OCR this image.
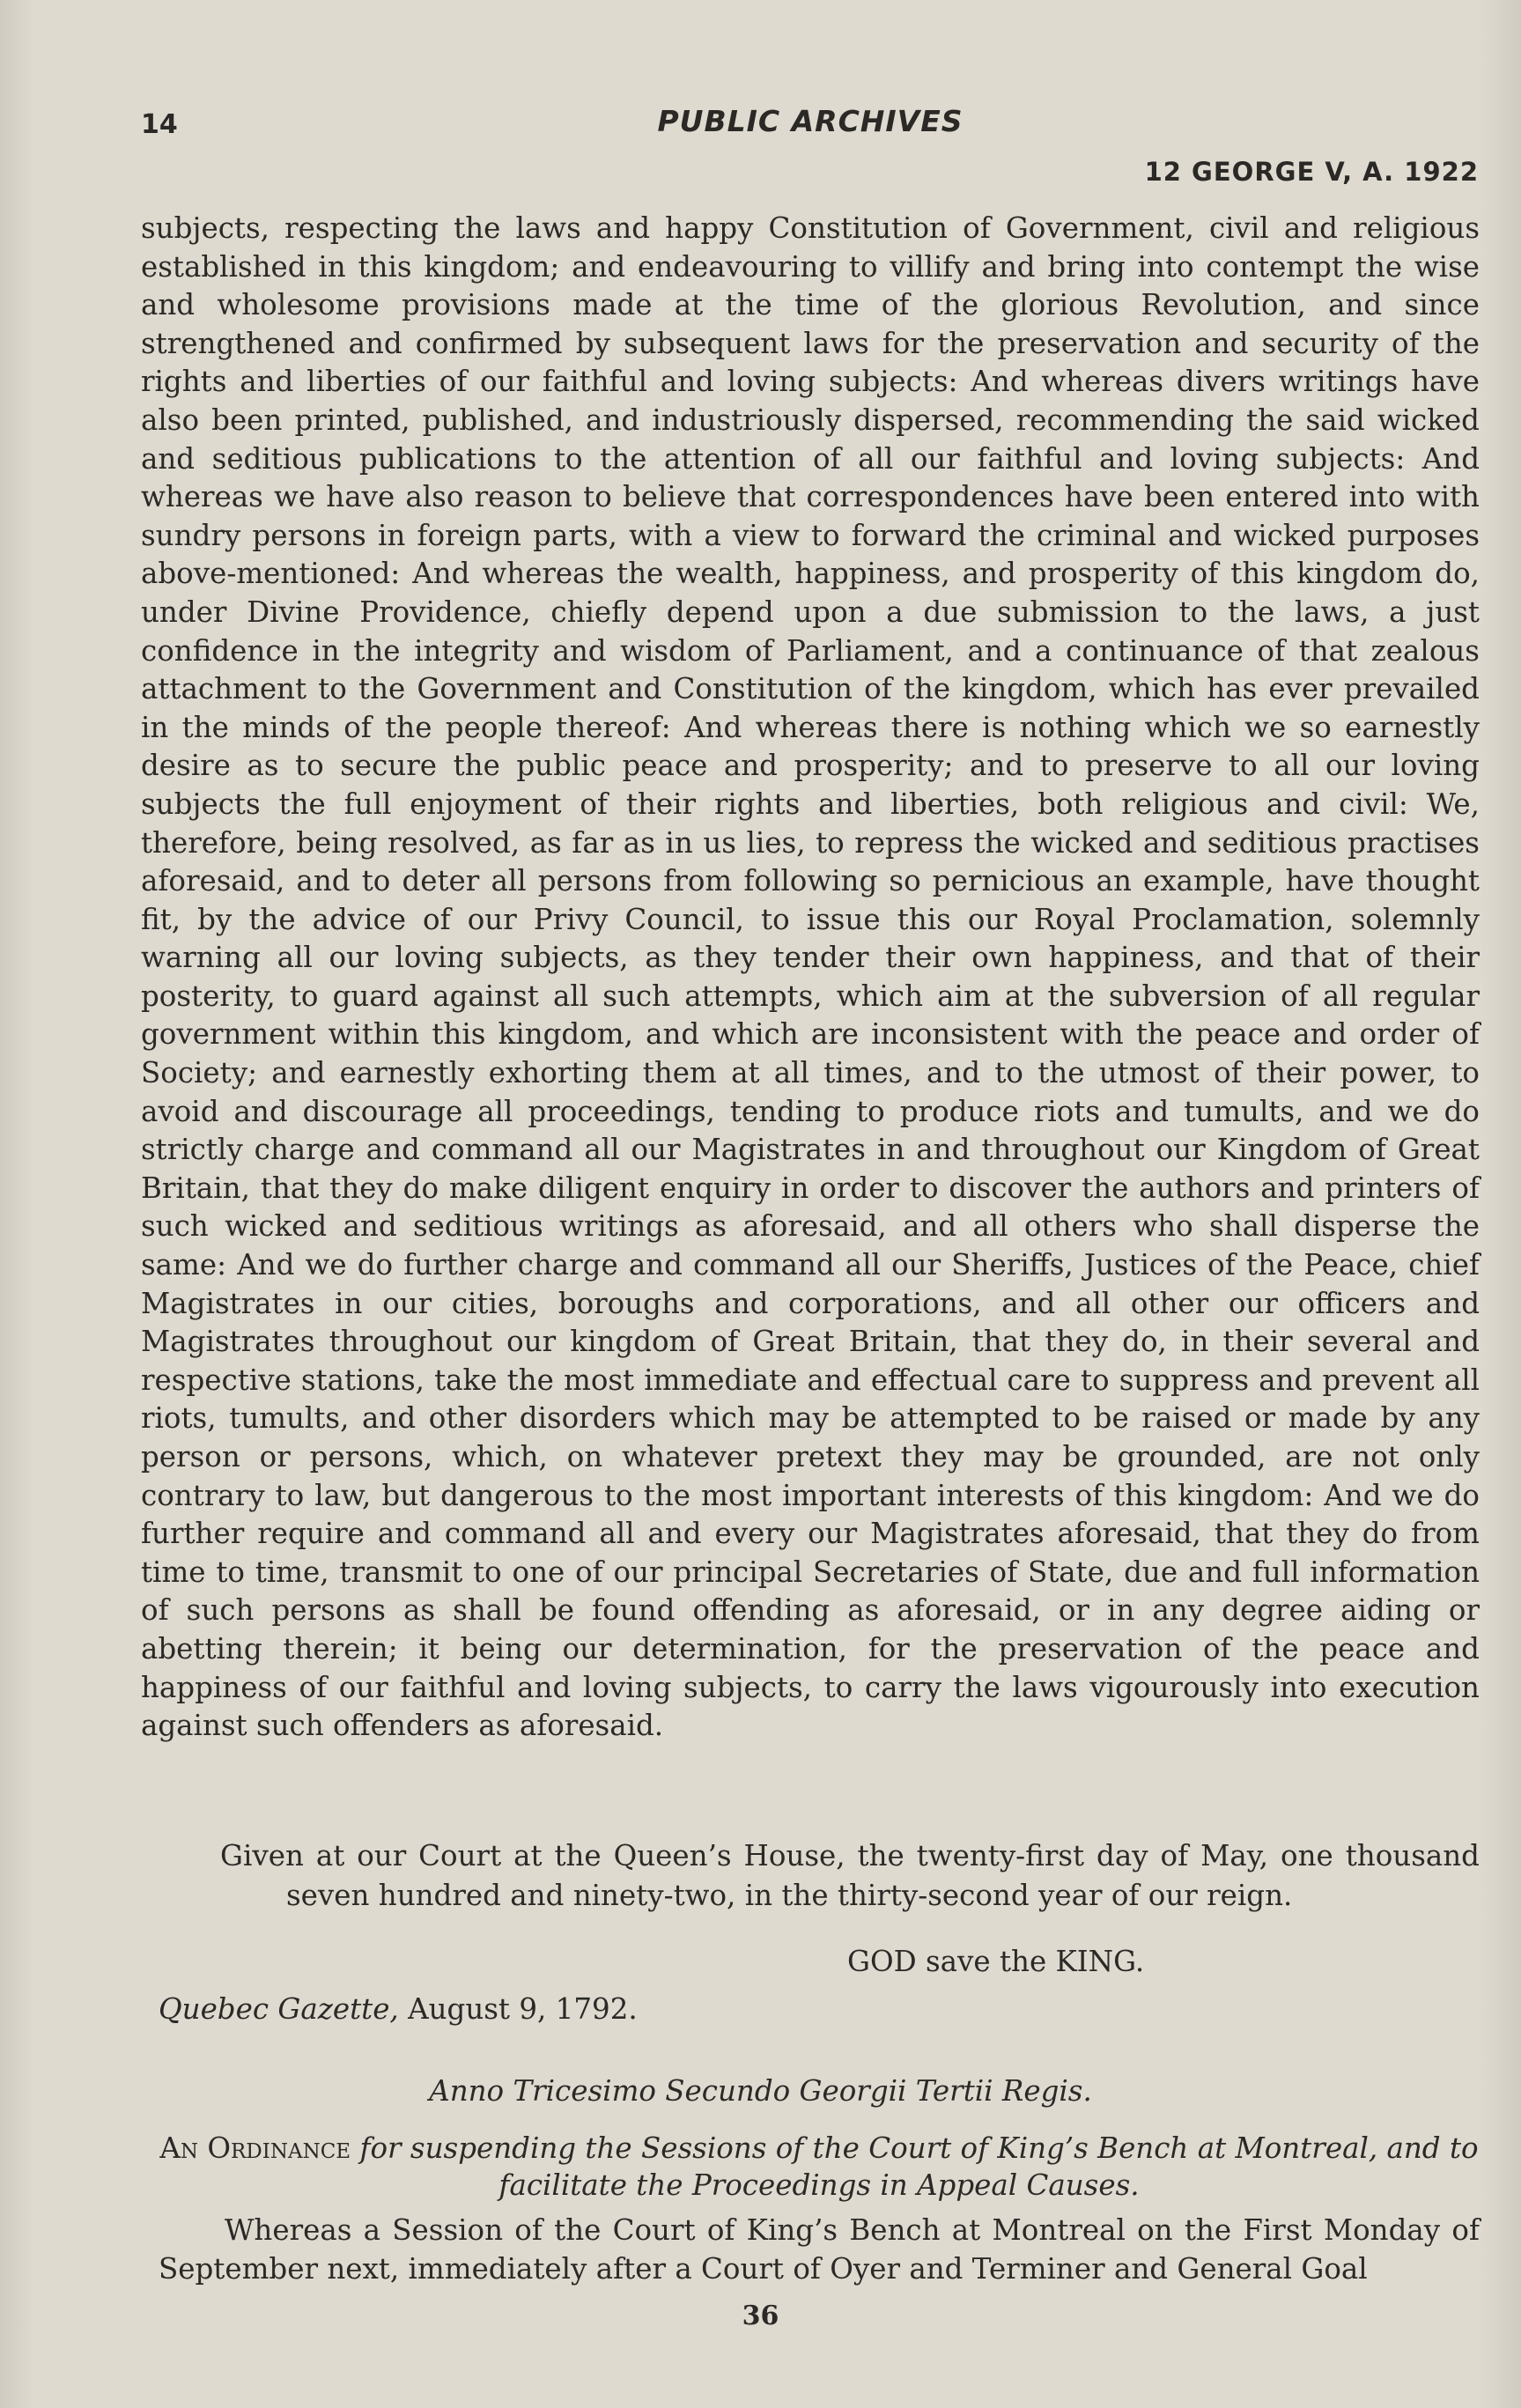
14	PUBLIC ARCHIVES
12 GEORGE V, A. 1922

subjects, respecting the laws and happy Constitution of Government, civil and religious established in this kingdom; and endeavouring to villify and bring into contempt the wise and wholesome provisions made at the time of the glorious Revolution, and since strengthened and confirmed by subsequent laws for the preservation and security of the rights and liberties of our faithful and loving subjects: And whereas divers writings have also been printed, published, and industriously dispersed, recommending the said wicked and seditious publications to the attention of all our faithful and loving subjects: And whereas we have also reason to believe that correspondences have been entered into with sundry persons in foreign parts, with a view to forward the criminal and wicked purposes above-mentioned: And whereas the wealth, happiness, and prosperity of this kingdom do, under Divine Providence, chiefly depend upon a due submission to the laws, a just confidence in the integrity and wisdom of Parliament, and a continuance of that zealous attachment to the Government and Constitution of the kingdom, which has ever prevailed in the minds of the people thereof: And whereas there is nothing which we so earnestly desire as to secure the public peace and prosperity; and to preserve to all our loving subjects the full enjoyment of their rights and liberties, both religious and civil: We, therefore, being resolved, as far as in us lies, to repress the wicked and seditious practises aforesaid, and to deter all persons from following so pernicious an example, have thought fit, by the advice of our Privy Council, to issue this our Royal Proclamation, solemnly warning all our loving subjects, as they tender their own happiness, and that of their posterity, to guard against all such attempts, which aim at the subversion of all regular government within this kingdom, and which are inconsistent with the peace and order of Society; and earnestly exhorting them at all times, and to the utmost of their power, to avoid and discourage all proceedings, tending to produce riots and tumults, and we do strictly charge and command all our Magistrates in and throughout our Kingdom of Great Britain, that they do make diligent enquiry in order to discover the authors and printers of such wicked and seditious writings as aforesaid, and all others who shall disperse the same: And we do further charge and command all our Sheriffs, Justices of the Peace, chief Magistrates in our cities, boroughs and corporations, and all other our officers and Magistrates throughout our kingdom of Great Britain, that they do, in their several and respective stations, take the most immediate and effectual care to suppress and prevent all riots, tumults, and other disorders which may be attempted to be raised or made by any person or persons, which, on whatever pretext they may be grounded, are not only contrary to law, but dangerous to the most important interests of this kingdom: And we do further require and command all and every our Magistrates aforesaid, that they do from time to time, transmit to one of our principal Secretaries of State, due and full information of such persons as shall be found offending as aforesaid, or in any degree aiding or abetting therein; it being our determination, for the preservation of the peace and happiness of our faithful and loving subjects, to carry the laws vigourously into execution against such offenders as aforesaid.

Given at our Court at the Queen’s House, the twenty-first day of May, one thousand seven hundred and ninety-two, in the thirty-second year of our reign.

GOD save the KING.
Quebec Gazette, August 9, 1792.
Anno Tricesimo Secundo Georgii Tertii Regis.

An Ordinance for suspending the Sessions of the Court of King’s Bench at Montreal, and to facilitate the Proceedings in Appeal Causes.

Whereas a Session of the Court of King’s Bench at Montreal on the First Monday of September next, immediately after a Court of Oyer and Terminer and General Goal

36
